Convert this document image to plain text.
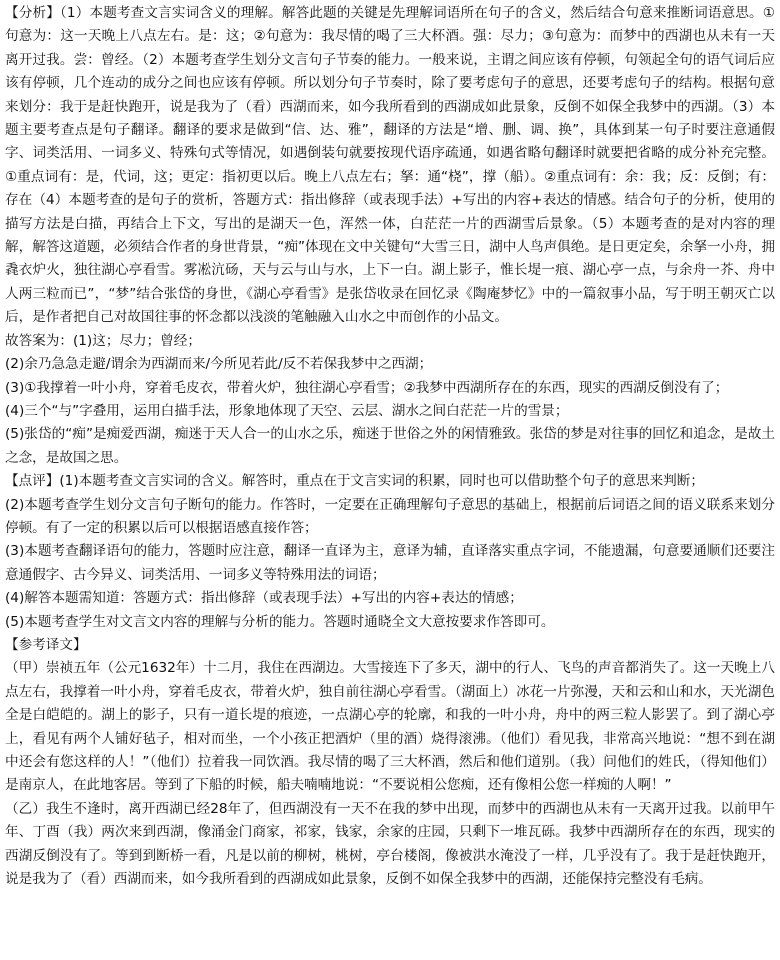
【分析】（1）本题考查文言实词含义的理解。解答此题的关键是先理解词语所在句子的含义，然后结合句意来推断词语意思。①句意为：这一天晚上八点左右。是：这；②句意为：我尽情的喝了三大杯酒。强：尽力；③句意为：而梦中的西湖也从未有一天离开过我。尝：曾经。（2）本题考查学生划分文言句子节奏的能力。一般来说，主谓之间应该有停顿，句领起全句的语气词后应该有停顿，几个连动的成分之间也应该有停顿。所以划分句子节奏时，除了要考虑句子的意思，还要考虑句子的结构。根据句意来划分：我于是赶快跑开，说是我为了（看）西湖而来，如今我所看到的西湖成如此景象，反倒不如保全我梦中的西湖。（3）本题主要考查点是句子翻译。翻译的要求是做到“信、达、雅”，翻译的方法是“增、删、调、换”，具体到某一句子时要注意通假字、词类活用、一词多义、特殊句式等情况，如遇倒装句就要按现代语序疏通，如遇省略句翻译时就要把省略的成分补充完整。①重点词有：是，代词，这；更定：指初更以后。晚上八点左右；拏：通“桡”，撑（船）。②重点词有：余：我；反：反倒；有：存在（4）本题考查的是句子的赏析，答题方式：指出修辞（或表现手法）+写出的内容+表达的情感。结合句子的分析，使用的描写方法是白描，再结合上下文，写出的是湖天一色，浑然一体，白茫茫一片的西湖雪后景象。（5）本题考查的是对内容的理解，解答这道题，必须结合作者的身世背景，“痴”体现在文中关键句“大雪三日，湖中人鸟声俱绝。是日更定矣，余拏一小舟，拥毳衣炉火，独往湖心亭看雪。雾凇沆砀，天与云与山与水，上下一白。湖上影子，惟长堤一痕、湖心亭一点，与余舟一芥、舟中人两三粒而已”，“梦”结合张岱的身世，《湖心亭看雪》是张岱收录在回忆录《陶庵梦忆》中的一篇叙事小品，写于明王朝灭亡以后，是作者把自己对故国往事的怀念都以浅淡的笔触融入山水之中而创作的小品文。

故答案为：(1)这；尽力；曾经；

(2)余乃急急走避/谓余为西湖而来/今所见若此/反不若保我梦中之西湖；

(3)①我撑着一叶小舟，穿着毛皮衣，带着火炉，独往湖心亭看雪；②我梦中西湖所存在的东西，现实的西湖反倒没有了；

(4)三个“与”字叠用，运用白描手法，形象地体现了天空、云层、湖水之间白茫茫一片的雪景；

(5)张岱的“痴”是痴爱西湖，痴迷于天人合一的山水之乐，痴迷于世俗之外的闲情雅致。张岱的梦是对往事的回忆和追念，是故土之念，是故国之思。

【点评】(1)本题考查文言实词的含义。解答时，重点在于文言实词的积累，同时也可以借助整个句子的意思来判断；

(2)本题考查学生划分文言句子断句的能力。作答时，一定要在正确理解句子意思的基础上，根据前后词语之间的语义联系来划分停顿。有了一定的积累以后可以根据语感直接作答；

(3)本题考查翻译语句的能力，答题时应注意，翻译一直译为主，意译为辅，直译落实重点字词，不能遗漏，句意要通顺们还要注意通假字、古今异义、词类活用、一词多义等特殊用法的词语；

(4)解答本题需知道：答题方式：指出修辞（或表现手法）+写出的内容+表达的情感；

(5)本题考查学生对文言文内容的理解与分析的能力。答题时通晓全文大意按要求作答即可。

【参考译文】

（甲）崇祯五年（公元1632年）十二月，我住在西湖边。大雪接连下了多天，湖中的行人、飞鸟的声音都消失了。这一天晚上八点左右，我撑着一叶小舟，穿着毛皮衣，带着火炉，独自前往湖心亭看雪。（湖面上）冰花一片弥漫，天和云和山和水，天光湖色全是白皑皑的。湖上的影子，只有一道长堤的痕迹，一点湖心亭的轮廓，和我的一叶小舟，舟中的两三粒人影罢了。到了湖心亭上，看见有两个人铺好毡子，相对而坐，一个小孩正把酒炉（里的酒）烧得滚沸。（他们）看见我，非常高兴地说：“想不到在湖中还会有您这样的人！”（他们）拉着我一同饮酒。我尽情的喝了三大杯酒，然后和他们道别。（我）问他们的姓氏，（得知他们）是南京人，在此地客居。等到了下船的时候，船夫喃喃地说：“不要说相公您痴，还有像相公您一样痴的人啊！”

（乙）我生不逢时，离开西湖已经28年了，但西湖没有一天不在我的梦中出现，而梦中的西湖也从未有一天离开过我。以前甲午年、丁酉（我）两次来到西湖，像涌金门商家，祁家，钱家，余家的庄园，只剩下一堆瓦砾。我梦中西湖所存在的东西，现实的西湖反倒没有了。等到到断桥一看，凡是以前的柳树，桃树，亭台楼阁，像被洪水淹没了一样，几乎没有了。我于是赶快跑开，说是我为了（看）西湖而来，如今我所看到的西湖成如此景象，反倒不如保全我梦中的西湖，还能保持完整没有毛病。
